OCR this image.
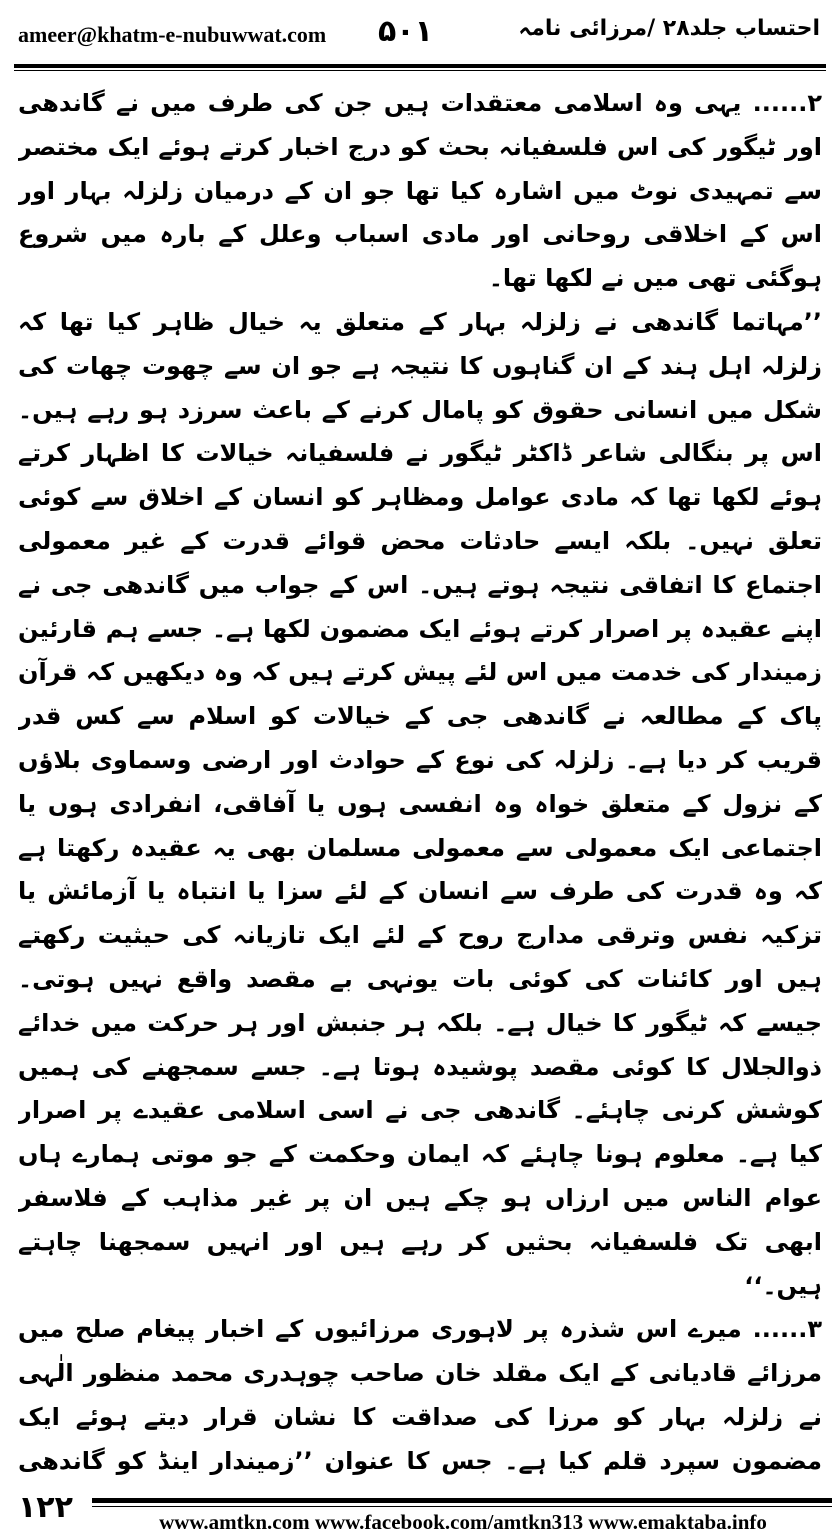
ameer@khatm-e-nubuwwat.com ۵۰۱	احتساب جلد۲۸ /مرزائی نامہ

۲...... یہی وہ اسلامی معتقدات ہیں جن کی طرف میں نے گاندھی اور ٹیگور کی اس فلسفیانہ بحث کو درج اخبار کرتے ہوئے ایک مختصر سے تمہیدی نوٹ میں اشارہ کیا تھا جو ان کے درمیان زلزلہ بہار اور اس کے اخلاقی روحانی اور مادی اسباب وعلل کے بارہ میں شروع ہوگئی تھی میں نے لکھا تھا۔

’’مہاتما گاندھی نے زلزلہ بہار کے متعلق یہ خیال ظاہر کیا تھا کہ زلزلہ اہل ہند کے ان گناہوں کا نتیجہ ہے جو ان سے چھوت چھات کی شکل میں انسانی حقوق کو پامال کرنے کے باعث سرزد ہو رہے ہیں۔ اس پر بنگالی شاعر ڈاکٹر ٹیگور نے فلسفیانہ خیالات کا اظہار کرتے ہوئے لکھا تھا کہ مادی عوامل ومظاہر کو انسان کے اخلاق سے کوئی تعلق نہیں۔ بلکہ ایسے حادثات محض قوائے قدرت کے غیر معمولی اجتماع کا اتفاقی نتیجہ ہوتے ہیں۔ اس کے جواب میں گاندھی جی نے اپنے عقیدہ پر اصرار کرتے ہوئے ایک مضمون لکھا ہے۔ جسے ہم قارئین زمیندار کی خدمت میں اس لئے پیش کرتے ہیں کہ وہ دیکھیں کہ قرآن پاک کے مطالعہ نے گاندھی جی کے خیالات کو اسلام سے کس قدر قریب کر دیا ہے۔ زلزلہ کی نوع کے حوادث اور ارضی وسماوی بلاؤں کے نزول کے متعلق خواہ وہ انفسی ہوں یا آفاقی، انفرادی ہوں یا اجتماعی ایک معمولی سے معمولی مسلمان بھی یہ عقیدہ رکھتا ہے کہ وہ قدرت کی طرف سے انسان کے لئے سزا یا انتباہ یا آزمائش یا تزکیہ نفس وترقی مدارج روح کے لئے ایک تازیانہ کی حیثیت رکھتے ہیں اور کائنات کی کوئی بات یونہی بے مقصد واقع نہیں ہوتی۔ جیسے کہ ٹیگور کا خیال ہے۔ بلکہ ہر جنبش اور ہر حرکت میں خدائے ذوالجلال کا کوئی مقصد پوشیدہ ہوتا ہے۔ جسے سمجھنے کی ہمیں کوشش کرنی چاہئے۔ گاندھی جی نے اسی اسلامی عقیدے پر اصرار کیا ہے۔ معلوم ہونا چاہئے کہ ایمان وحکمت کے جو موتی ہمارے ہاں عوام الناس میں ارزاں ہو چکے ہیں ان پر غیر مذاہب کے فلاسفر ابھی تک فلسفیانہ بحثیں کر رہے ہیں اور انہیں سمجھنا چاہتے ہیں۔‘‘

۳...... میرے اس شذرہ پر لاہوری مرزائیوں کے اخبار پیغام صلح میں مرزائے قادیانی کے ایک مقلد خان صاحب چوہدری محمد منظور الٰہی نے زلزلہ بہار کو مرزا کی صداقت کا نشان قرار دیتے ہوئے ایک مضمون سپرد قلم کیا ہے۔ جس کا عنوان ’’زمیندار اینڈ کو گاندھی

۱۲۲	www.amtkn.com www.facebook.com/amtkn313 www.emaktaba.info
